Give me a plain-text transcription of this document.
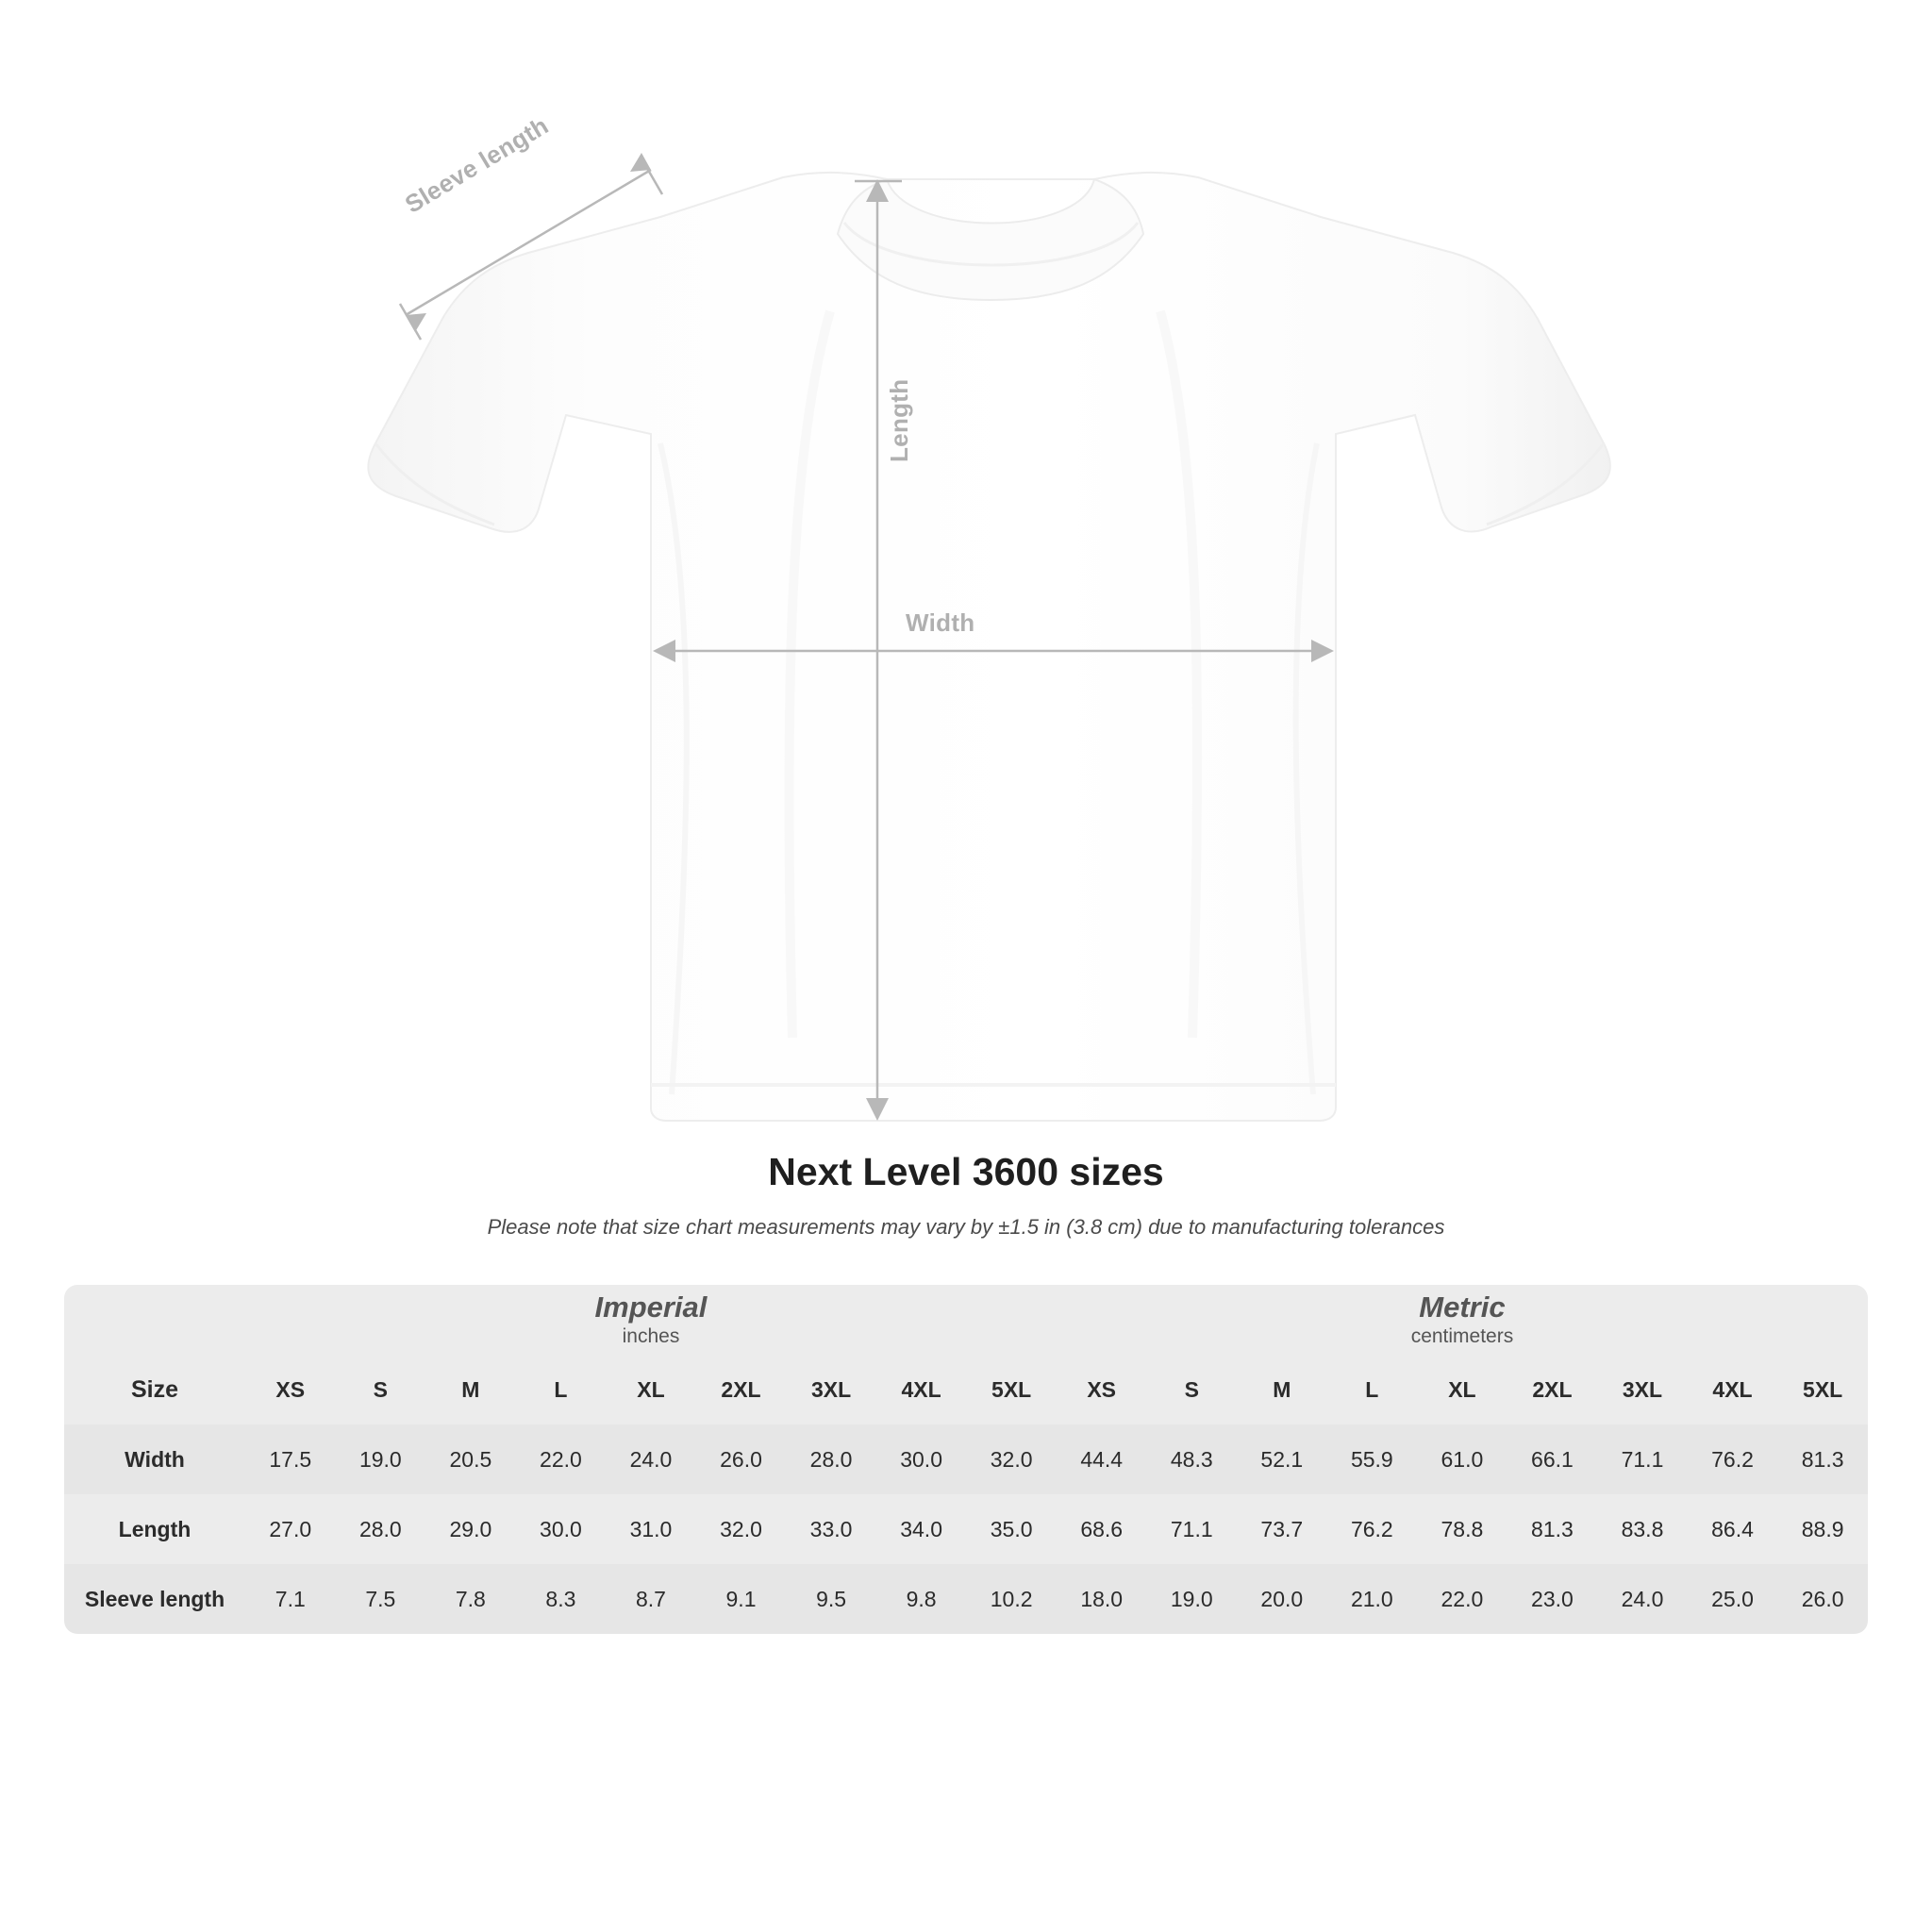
Sleeve length
Length
Width
Next Level 3600 sizes

Please note that size chart measurements may vary by ±1.5 in (3.8 cm) due to manufacturing tolerances

	Imperial
inches									Metric
centimeters								

Size	XS	S	M	L	XL	2XL	3XL	4XL	5XL	XS	S	M	L	XL	2XL	3XL	4XL	5XL
Width	17.5	19.0	20.5	22.0	24.0	26.0	28.0	30.0	32.0	44.4	48.3	52.1	55.9	61.0	66.1	71.1	76.2	81.3
Length	27.0	28.0	29.0	30.0	31.0	32.0	33.0	34.0	35.0	68.6	71.1	73.7	76.2	78.8	81.3	83.8	86.4	88.9
Sleeve length	7.1	7.5	7.8	8.3	8.7	9.1	9.5	9.8	10.2	18.0	19.0	20.0	21.0	22.0	23.0	24.0	25.0	26.0
